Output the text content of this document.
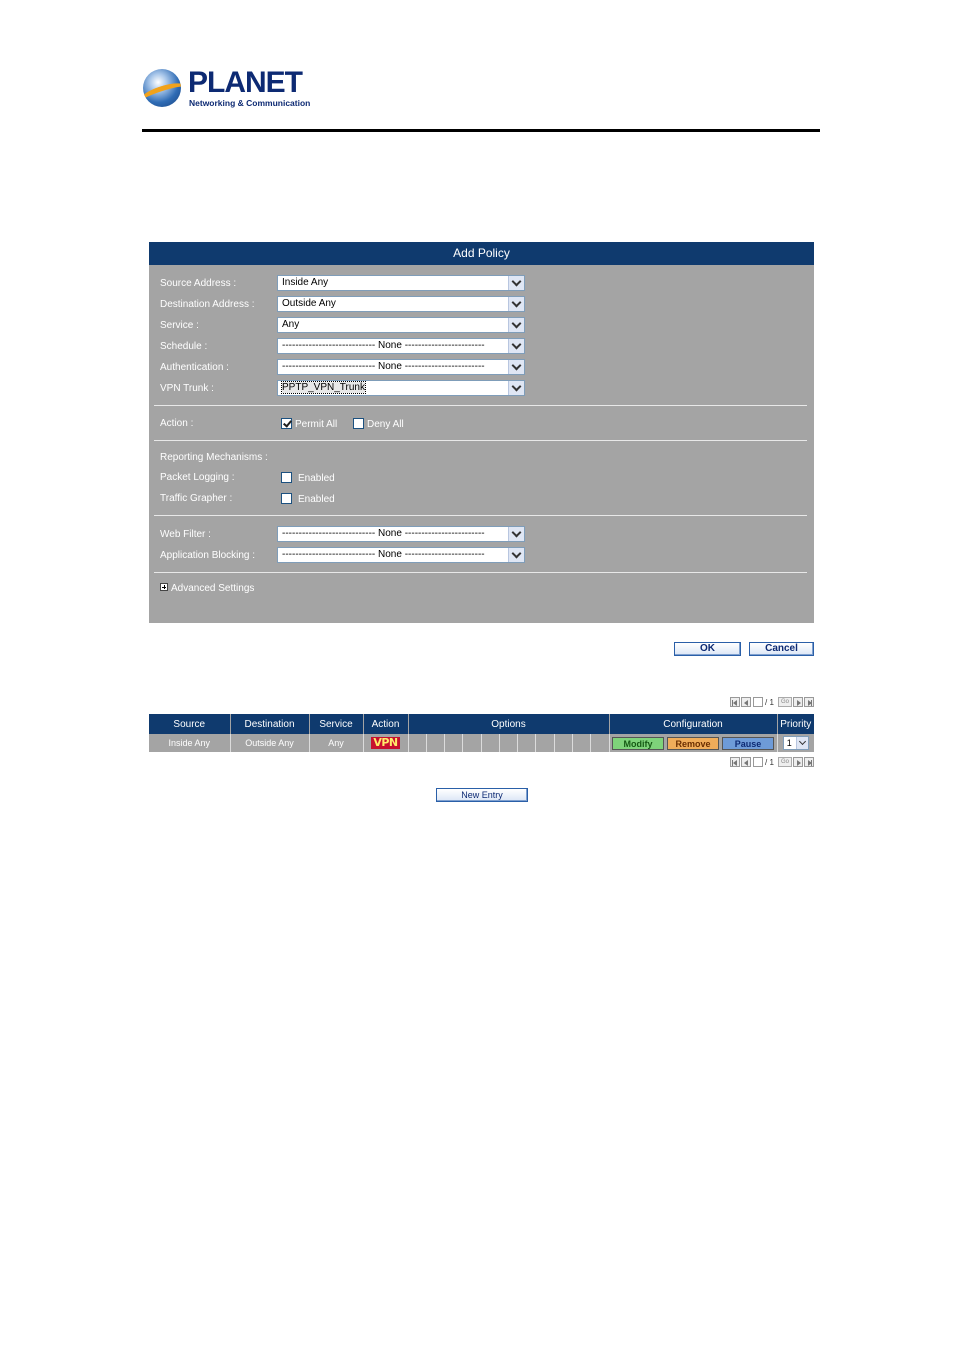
PLANET
Networking & Communication
Add Policy
Source Address :	Inside Any
Destination Address :	Outside Any
Service :	Any
Schedule :	---------------------------- None ------------------------
Authentication :	---------------------------- None ------------------------
VPN Trunk :	PPTP_VPN_Trunk
Action :	Permit All	Deny All
Reporting Mechanisms :
Packet Logging :	Enabled
Traffic Grapher :	Enabled
Web Filter :	---------------------------- None ------------------------
Application Blocking :	---------------------------- None ------------------------
Advanced Settings
OK	Cancel
/ 1	Go
Source	Destination	Service	Action	Options	Configuration	Priority
Inside Any	Outside Any	Any	VPN		Modify Remove Pause	1
/ 1	Go
New Entry
